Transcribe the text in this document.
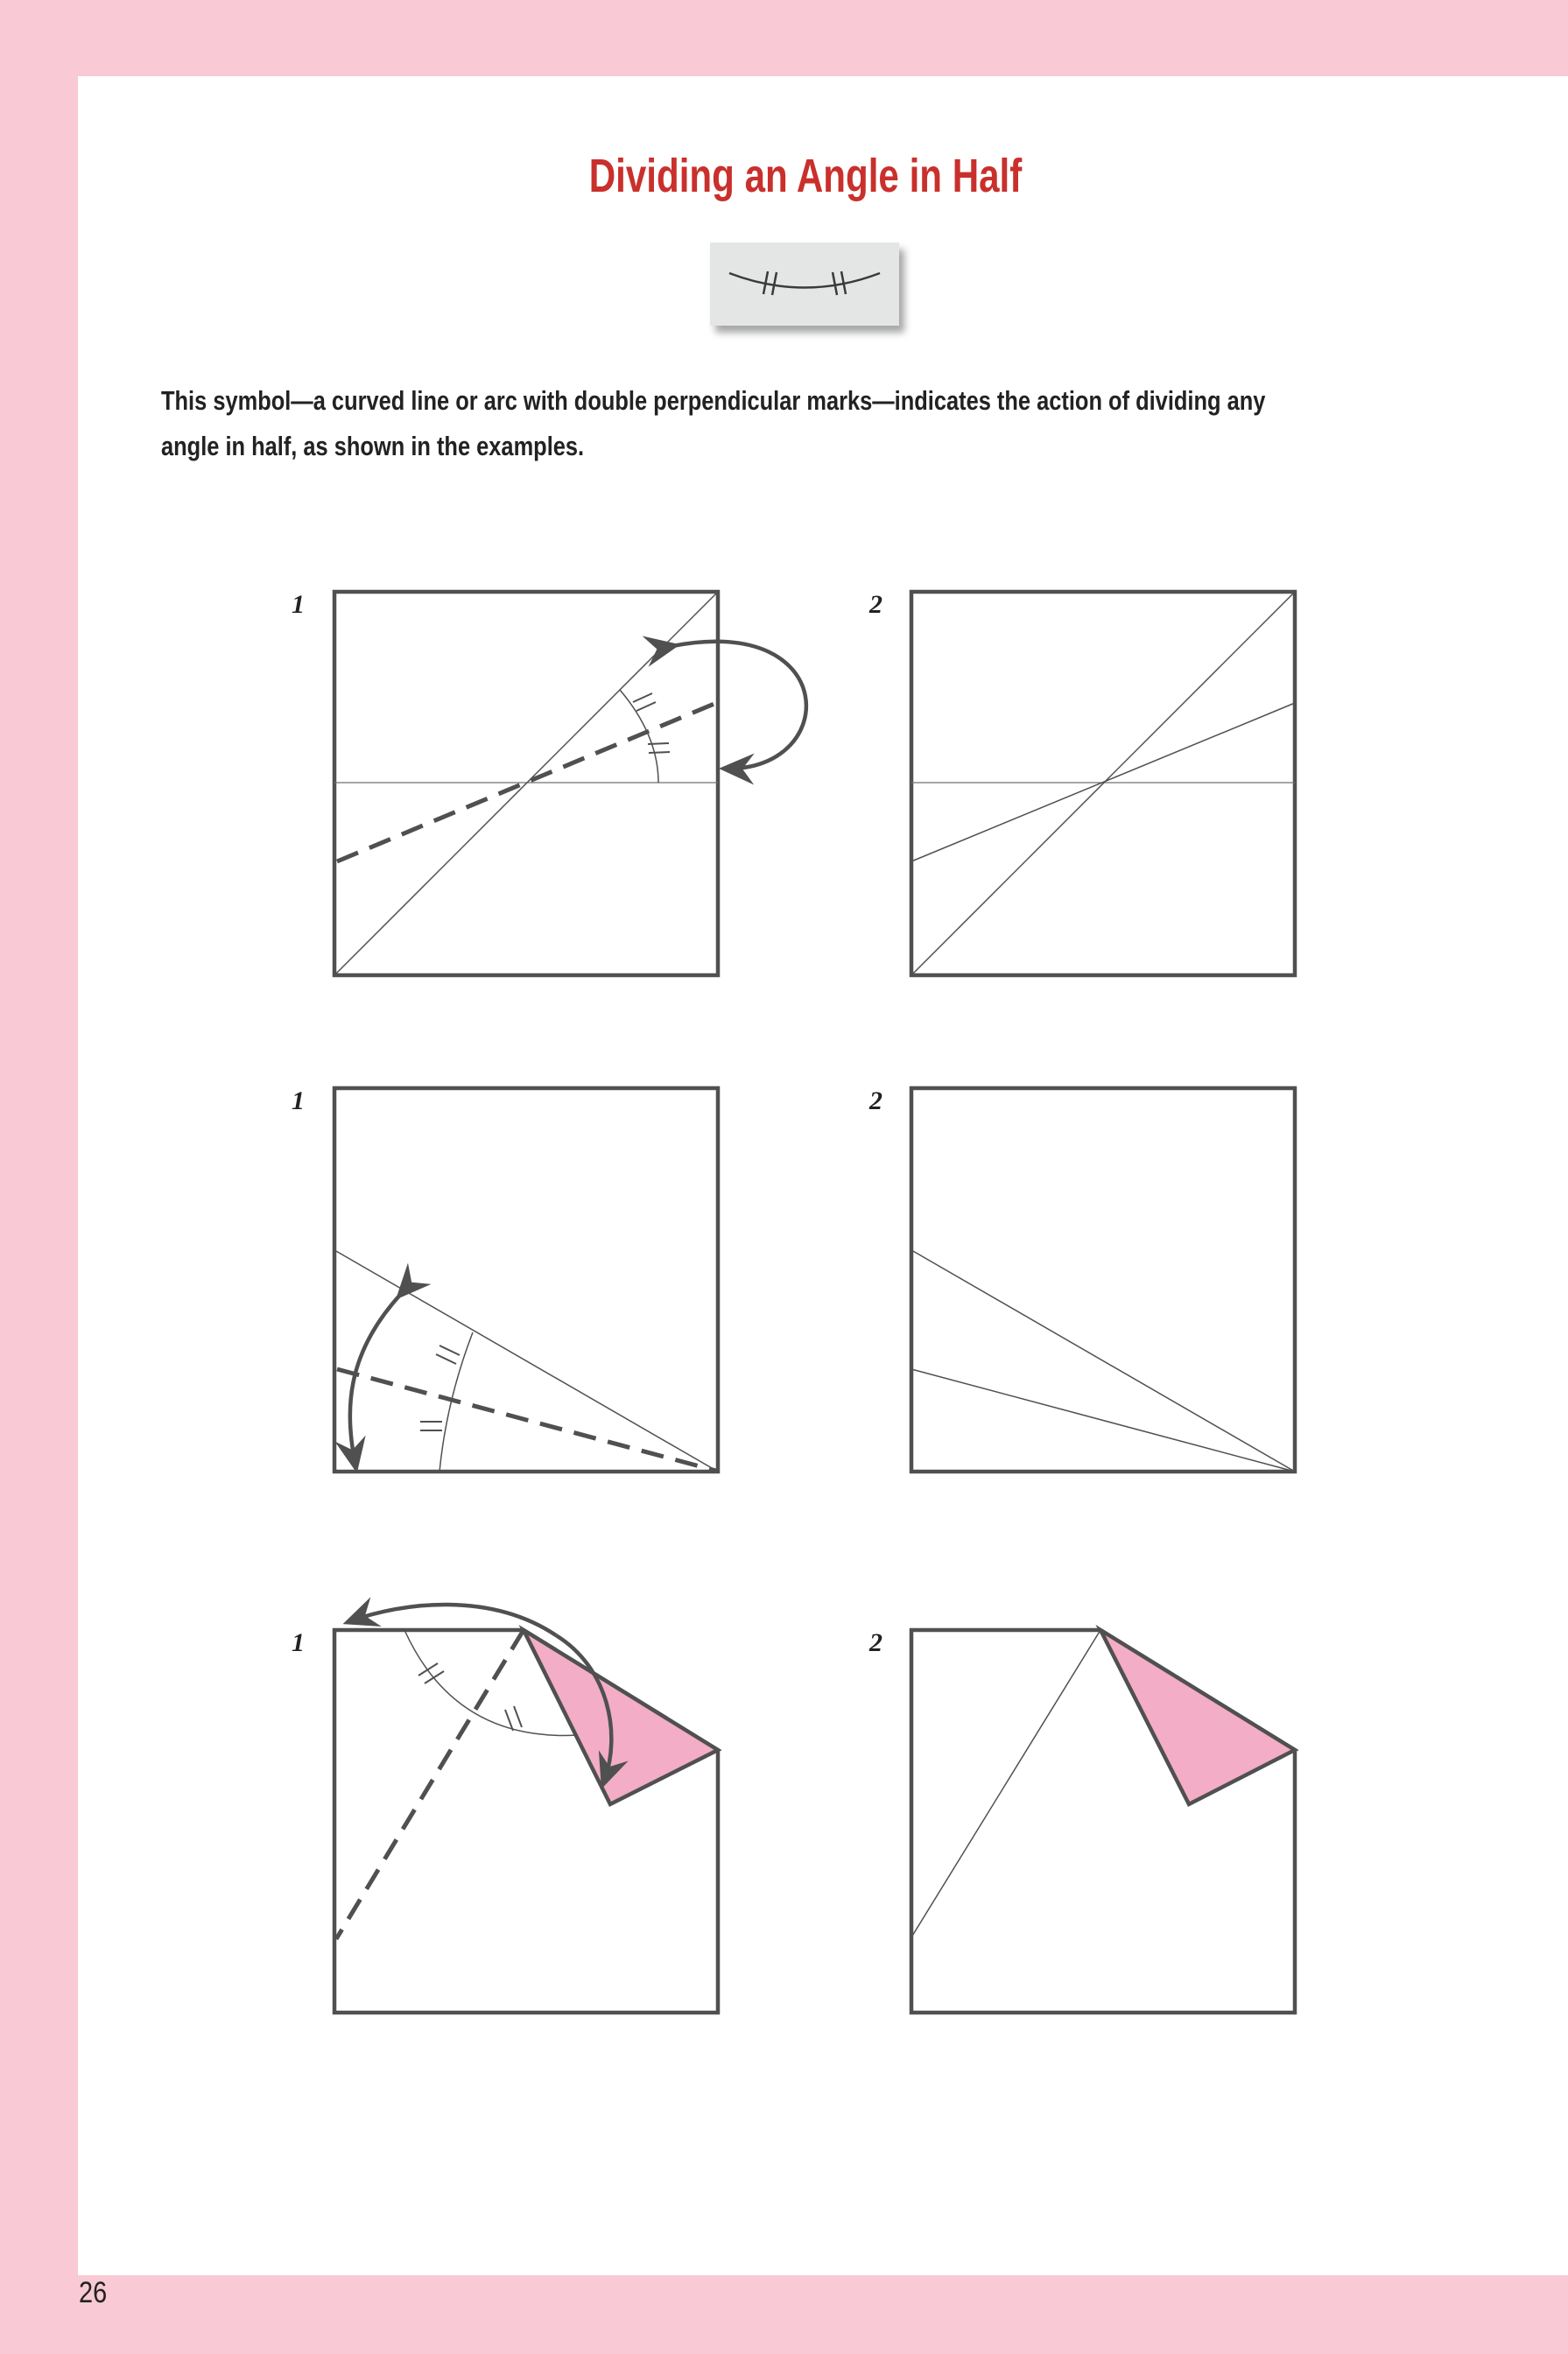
Dividing an Angle in Half
This symbol—a curved line or arc with double perpendicular marks—indicates the action of dividing any angle in half, as shown in the examples.
1	2
1	2
1	2
26
